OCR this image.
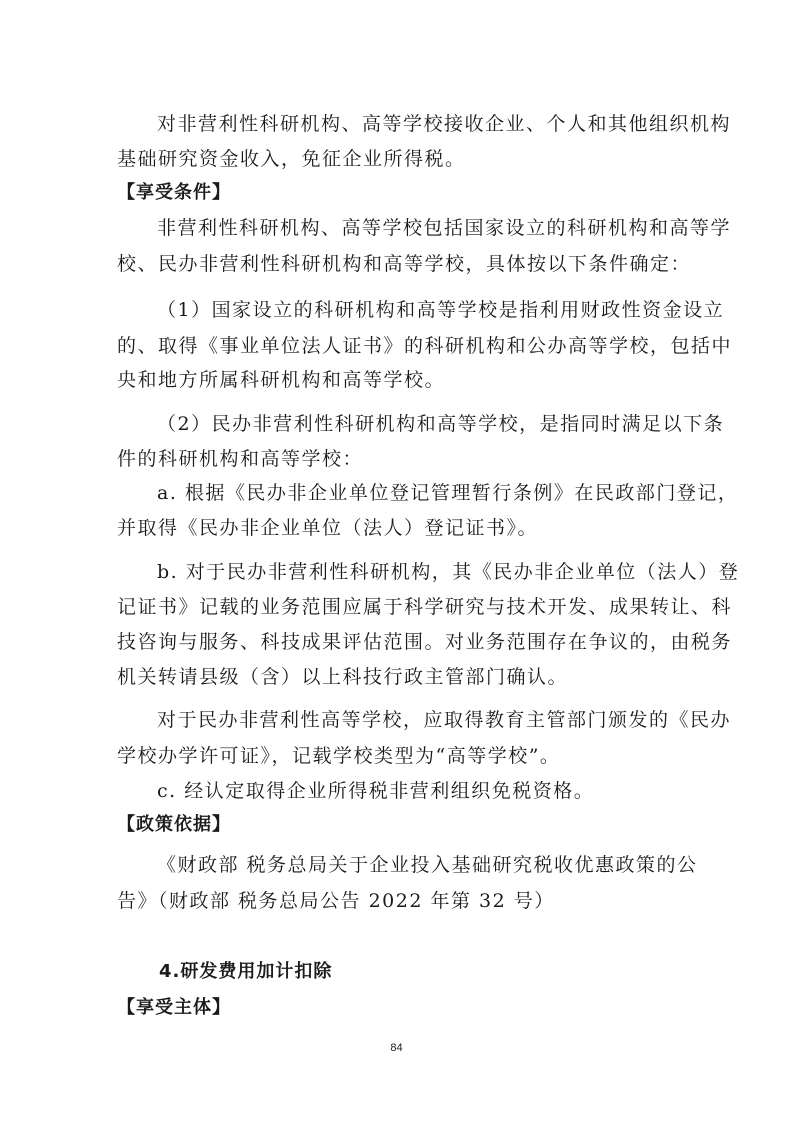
对非营利性科研机构、高等学校接收企业、个人和其他组织机构

基础研究资金收入，免征企业所得税。

【享受条件】

非营利性科研机构、高等学校包括国家设立的科研机构和高等学

校、民办非营利性科研机构和高等学校，具体按以下条件确定：

（1）国家设立的科研机构和高等学校是指利用财政性资金设立

的、取得《事业单位法人证书》的科研机构和公办高等学校，包括中

央和地方所属科研机构和高等学校。

（2）民办非营利性科研机构和高等学校，是指同时满足以下条

件的科研机构和高等学校：

a. 根据《民办非企业单位登记管理暂行条例》在民政部门登记，

并取得《民办非企业单位（法人）登记证书》。

b. 对于民办非营利性科研机构，其《民办非企业单位（法人）登

记证书》记载的业务范围应属于科学研究与技术开发、成果转让、科

技咨询与服务、科技成果评估范围。对业务范围存在争议的，由税务

机关转请县级（含）以上科技行政主管部门确认。

对于民办非营利性高等学校，应取得教育主管部门颁发的《民办

学校办学许可证》，记载学校类型为“高等学校”。

c. 经认定取得企业所得税非营利组织免税资格。

【政策依据】

《财政部 税务总局关于企业投入基础研究税收优惠政策的公

告》（财政部 税务总局公告 2022 年第 32 号）

4.研发费用加计扣除
【享受主体】
84
